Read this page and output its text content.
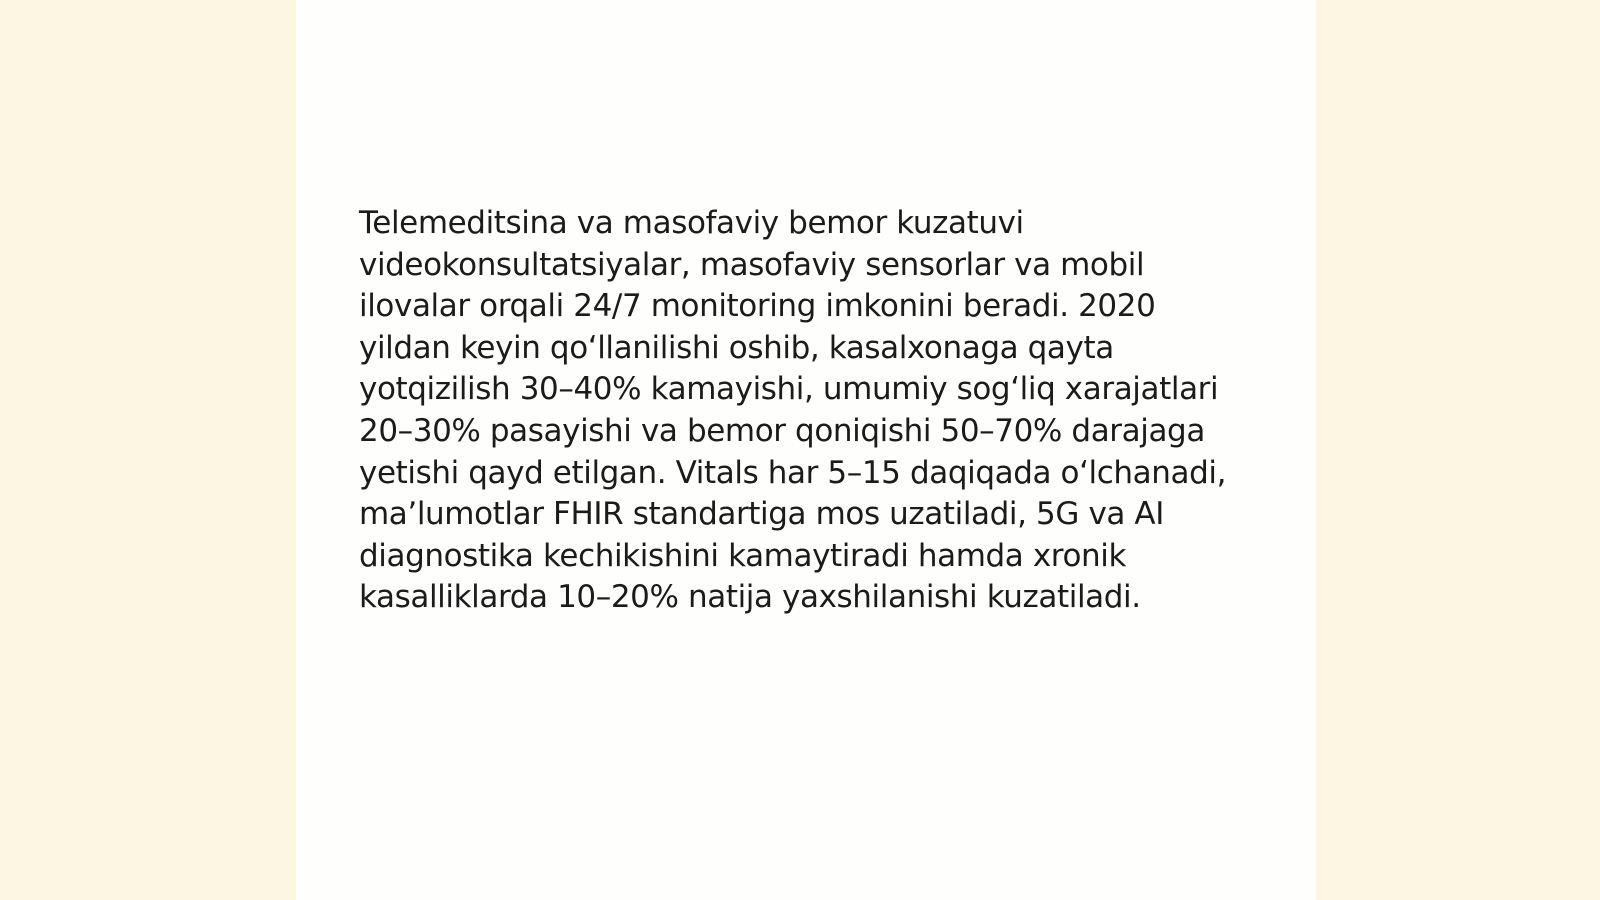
Telemeditsina va masofaviy bemor kuzatuvi videokonsultatsiyalar, masofaviy sensorlar va mobil ilovalar orqali 24/7 monitoring imkonini beradi. 2020 yildan keyin qoʻllanilishi oshib, kasalxonaga qayta yotqizilish 30–40% kamayishi, umumiy sogʻliq xarajatlari 20–30% pasayishi va bemor qoniqishi 50–70% darajaga yetishi qayd etilgan. Vitals har 5–15 daqiqada oʻlchanadi, maʼlumotlar FHIR standartiga mos uzatiladi, 5G va AI diagnostika kechikishini kamaytiradi hamda xronik kasalliklarda 10–20% natija yaxshilanishi kuzatiladi.
